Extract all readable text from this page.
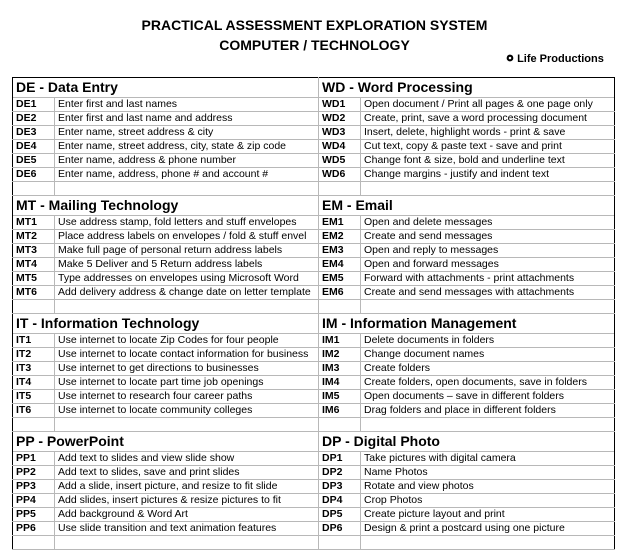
PRACTICAL ASSESSMENT EXPLORATION SYSTEM
COMPUTER / TECHNOLOGY
Life Productions
DE - Data Entry		WD - Word Processing	
DE1	Enter first and last names	WD1	Open document / Print all pages & one page only
DE2	Enter first and last name and address	WD2	Create, print, save a word processing document
DE3	Enter name, street address & city	WD3	Insert, delete, highlight words - print & save
DE4	Enter name, street address, city, state & zip code	WD4	Cut text, copy & paste text - save and print
DE5	Enter name, address & phone number	WD5	Change font & size, bold and underline text
DE6	Enter name, address, phone # and account #	WD6	Change margins - justify and indent text

MT - Mailing Technology		EM - Email	
MT1	Use address stamp, fold letters and stuff envelopes	EM1	Open and delete messages
MT2	Place address labels on envelopes / fold & stuff envel	EM2	Create and send messages
MT3	Make full page of personal return address labels	EM3	Open and reply to messages
MT4	Make 5 Deliver and 5 Return address labels	EM4	Open and forward messages
MT5	Type addresses on envelopes using Microsoft Word	EM5	Forward with attachments - print attachments
MT6	Add delivery address & change date on letter template	EM6	Create and send messages with attachments

IT - Information Technology		IM - Information Management	
IT1	Use internet to locate Zip Codes for four people	IM1	Delete documents in folders
IT2	Use internet to locate contact information for business	IM2	Change document names
IT3	Use internet to get directions to businesses	IM3	Create folders
IT4	Use internet to locate part time job openings	IM4	Create folders, open documents, save in folders
IT5	Use internet to research four career paths	IM5	Open documents – save in different folders
IT6	Use internet to locate community colleges	IM6	Drag folders and place in different folders

PP - PowerPoint		DP - Digital Photo	
PP1	Add text to slides and view slide show	DP1	Take pictures with digital camera
PP2	Add text to slides, save and print slides	DP2	Name Photos
PP3	Add a slide, insert picture, and resize to fit slide	DP3	Rotate and view photos
PP4	Add slides, insert pictures & resize pictures to fit	DP4	Crop Photos
PP5	Add background & Word Art	DP5	Create picture layout and print
PP6	Use slide transition and text animation features	DP6	Design & print a postcard using one picture
